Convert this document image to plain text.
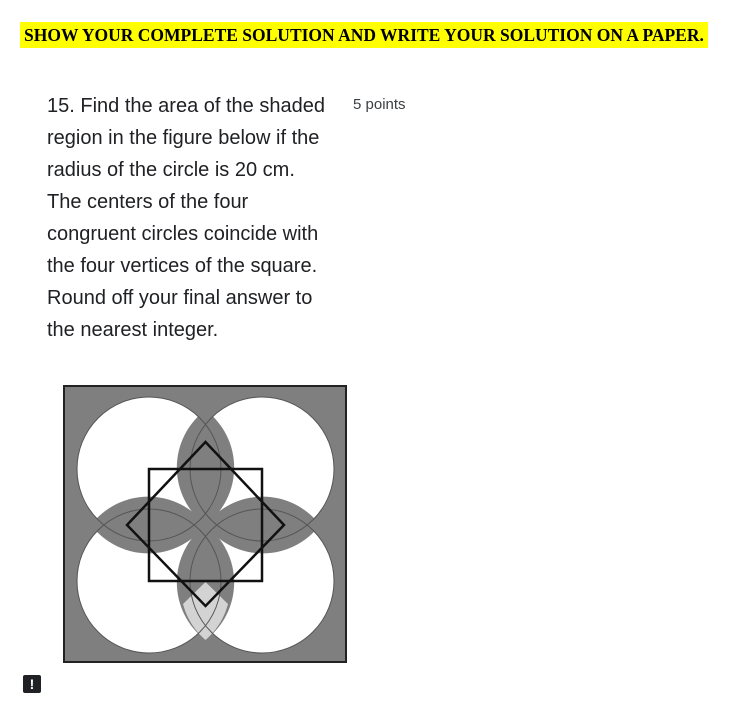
SHOW YOUR COMPLETE SOLUTION AND WRITE YOUR SOLUTION ON A PAPER.
15. Find the area of the shaded
region in the figure below if the
radius of the circle is 20 cm.
The centers of the four
congruent circles coincide with
the four vertices of the square.
Round off your final answer to
the nearest integer.
5 points
!
